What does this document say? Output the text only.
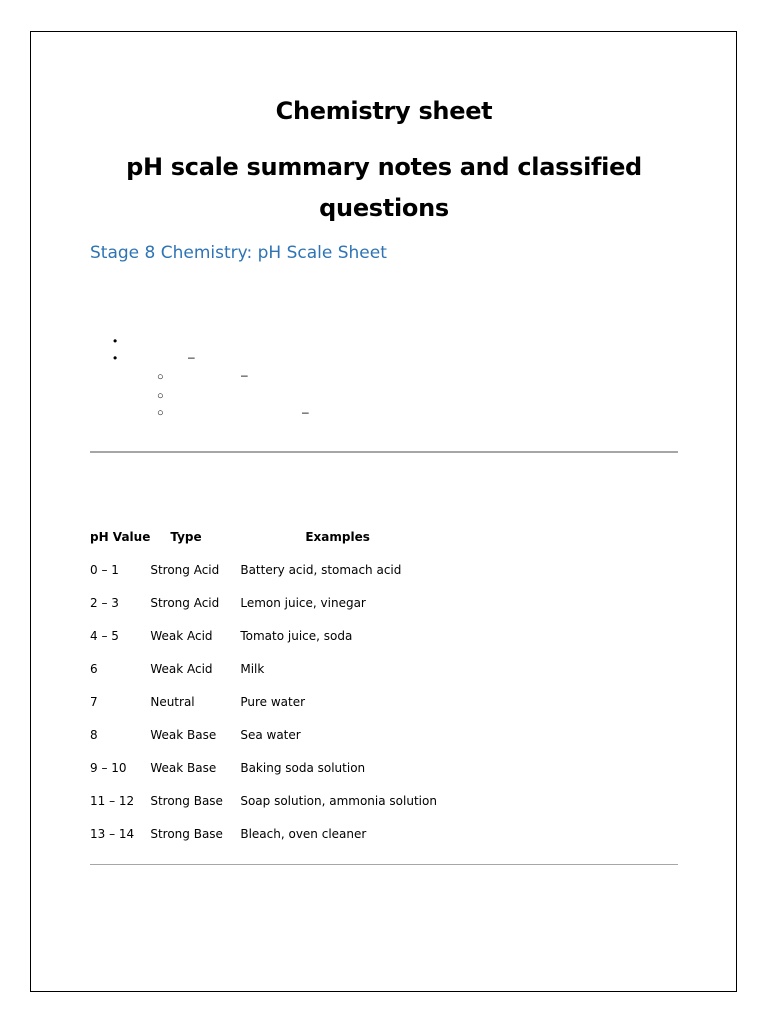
Chemistry sheet
pH scale summary notes and classified questions
Stage 8 Chemistry: pH Scale Sheet
•
•	–
○	–
○
○	–
pH Value	Type	Examples
0 – 1	Strong Acid	Battery acid, stomach acid
2 – 3	Strong Acid	Lemon juice, vinegar
4 – 5	Weak Acid	Tomato juice, soda
6	Weak Acid	Milk
7	Neutral	Pure water
8	Weak Base	Sea water
9 – 10	Weak Base	Baking soda solution
11 – 12	Strong Base	Soap solution, ammonia solution
13 – 14	Strong Base	Bleach, oven cleaner
